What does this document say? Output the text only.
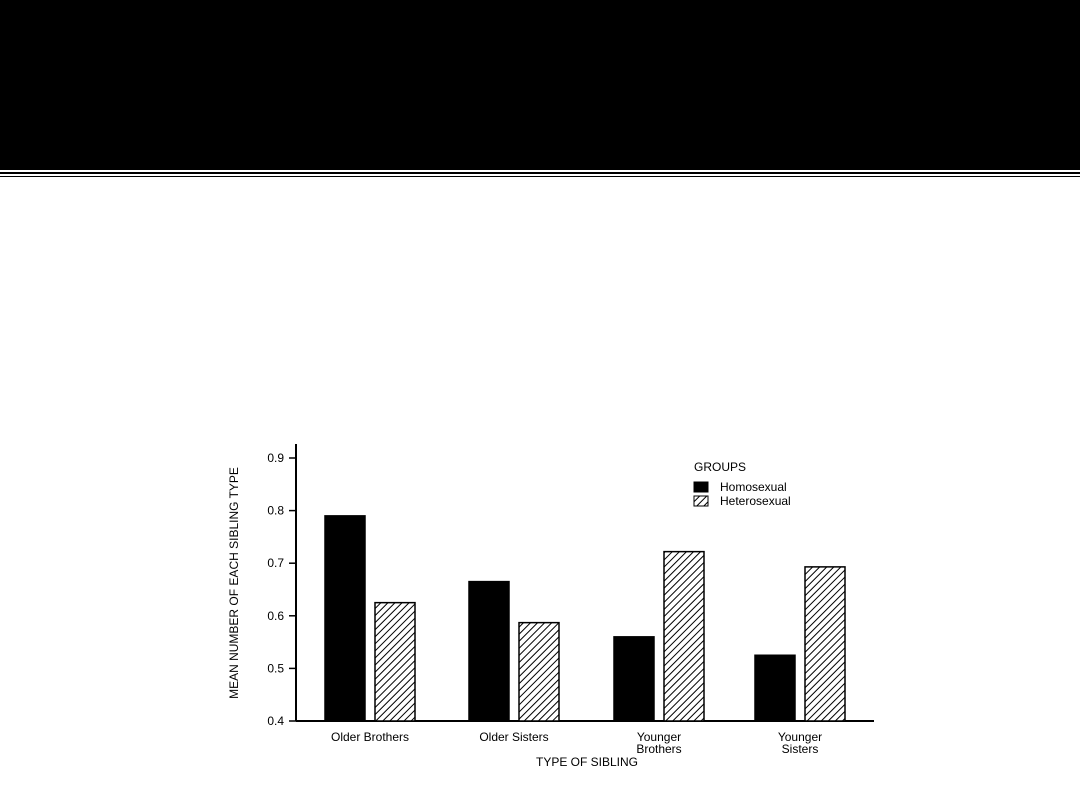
0.4
0.5
0.6
0.7
0.8
0.9
MEAN NUMBER OF EACH SIBLING TYPE
Older Brothers	Older Sisters	Younger
Brothers
Younger
Sisters
TYPE OF SIBLING
GROUPS
Homosexual
Heterosexual
